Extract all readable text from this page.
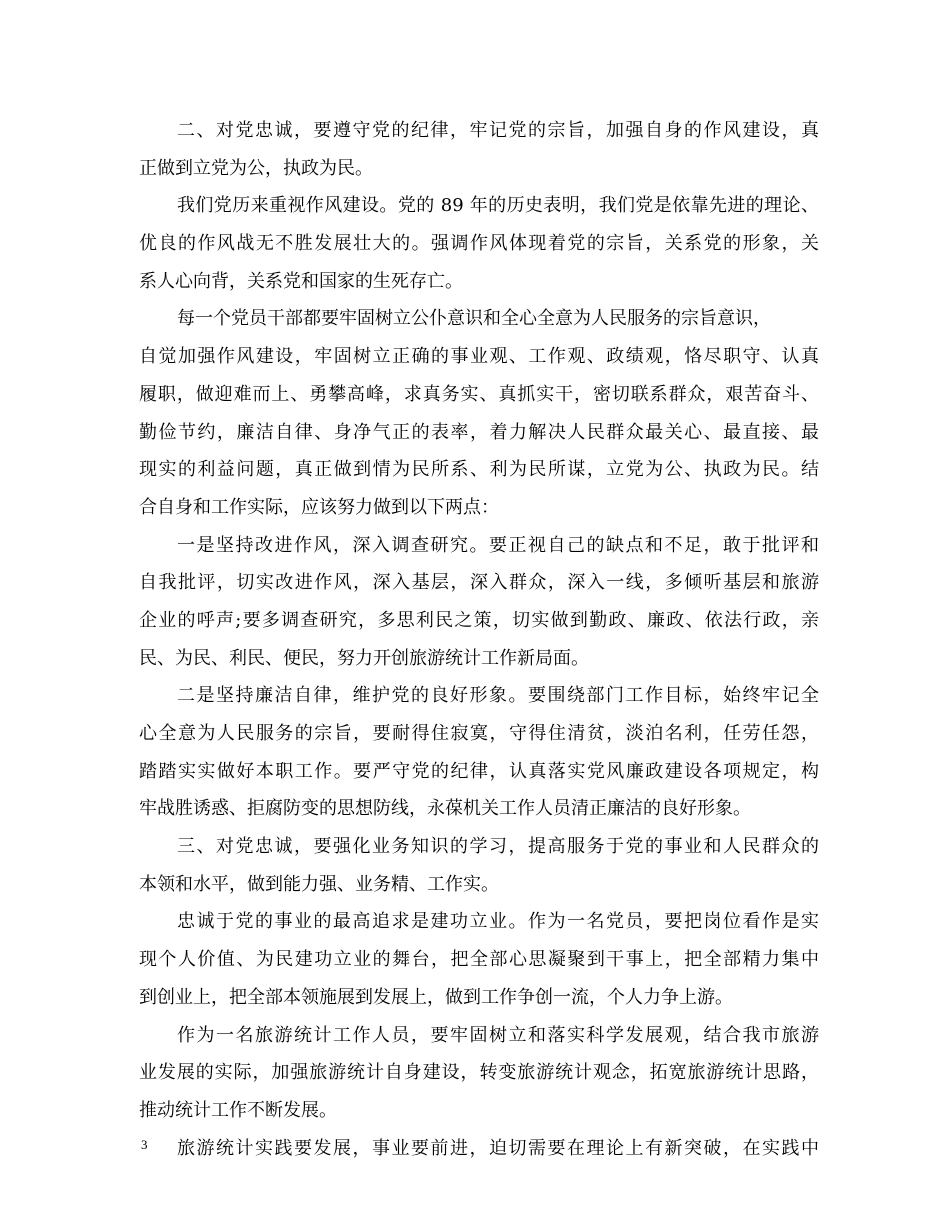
二、对党忠诚，要遵守党的纪律，牢记党的宗旨，加强自身的作风建设，真
正做到立党为公，执政为民。
我们党历来重视作风建设。党的 89 年的历史表明，我们党是依靠先进的理论、
优良的作风战无不胜发展壮大的。强调作风体现着党的宗旨，关系党的形象，关
系人心向背，关系党和国家的生死存亡。
每一个党员干部都要牢固树立公仆意识和全心全意为人民服务的宗旨意识，
自觉加强作风建设，牢固树立正确的事业观、工作观、政绩观，恪尽职守、认真
履职，做迎难而上、勇攀高峰，求真务实、真抓实干，密切联系群众，艰苦奋斗、
勤俭节约，廉洁自律、身净气正的表率，着力解决人民群众最关心、最直接、最
现实的利益问题，真正做到情为民所系、利为民所谋，立党为公、执政为民。结
合自身和工作实际，应该努力做到以下两点：
一是坚持改进作风，深入调查研究。要正视自己的缺点和不足，敢于批评和
自我批评，切实改进作风，深入基层，深入群众，深入一线，多倾听基层和旅游
企业的呼声;要多调查研究，多思利民之策，切实做到勤政、廉政、依法行政，亲
民、为民、利民、便民，努力开创旅游统计工作新局面。
二是坚持廉洁自律，维护党的良好形象。要围绕部门工作目标，始终牢记全
心全意为人民服务的宗旨，要耐得住寂寞，守得住清贫，淡泊名利，任劳任怨，
踏踏实实做好本职工作。要严守党的纪律，认真落实党风廉政建设各项规定，构
牢战胜诱惑、拒腐防变的思想防线，永葆机关工作人员清正廉洁的良好形象。
三、对党忠诚，要强化业务知识的学习，提高服务于党的事业和人民群众的
本领和水平，做到能力强、业务精、工作实。
忠诚于党的事业的最高追求是建功立业。作为一名党员，要把岗位看作是实
现个人价值、为民建功立业的舞台，把全部心思凝聚到干事上，把全部精力集中
到创业上，把全部本领施展到发展上，做到工作争创一流，个人力争上游。
作为一名旅游统计工作人员，要牢固树立和落实科学发展观，结合我市旅游
业发展的实际，加强旅游统计自身建设，转变旅游统计观念，拓宽旅游统计思路，
推动统计工作不断发展。
旅游统计实践要发展，事业要前进，迫切需要在理论上有新突破，在实践中
3
